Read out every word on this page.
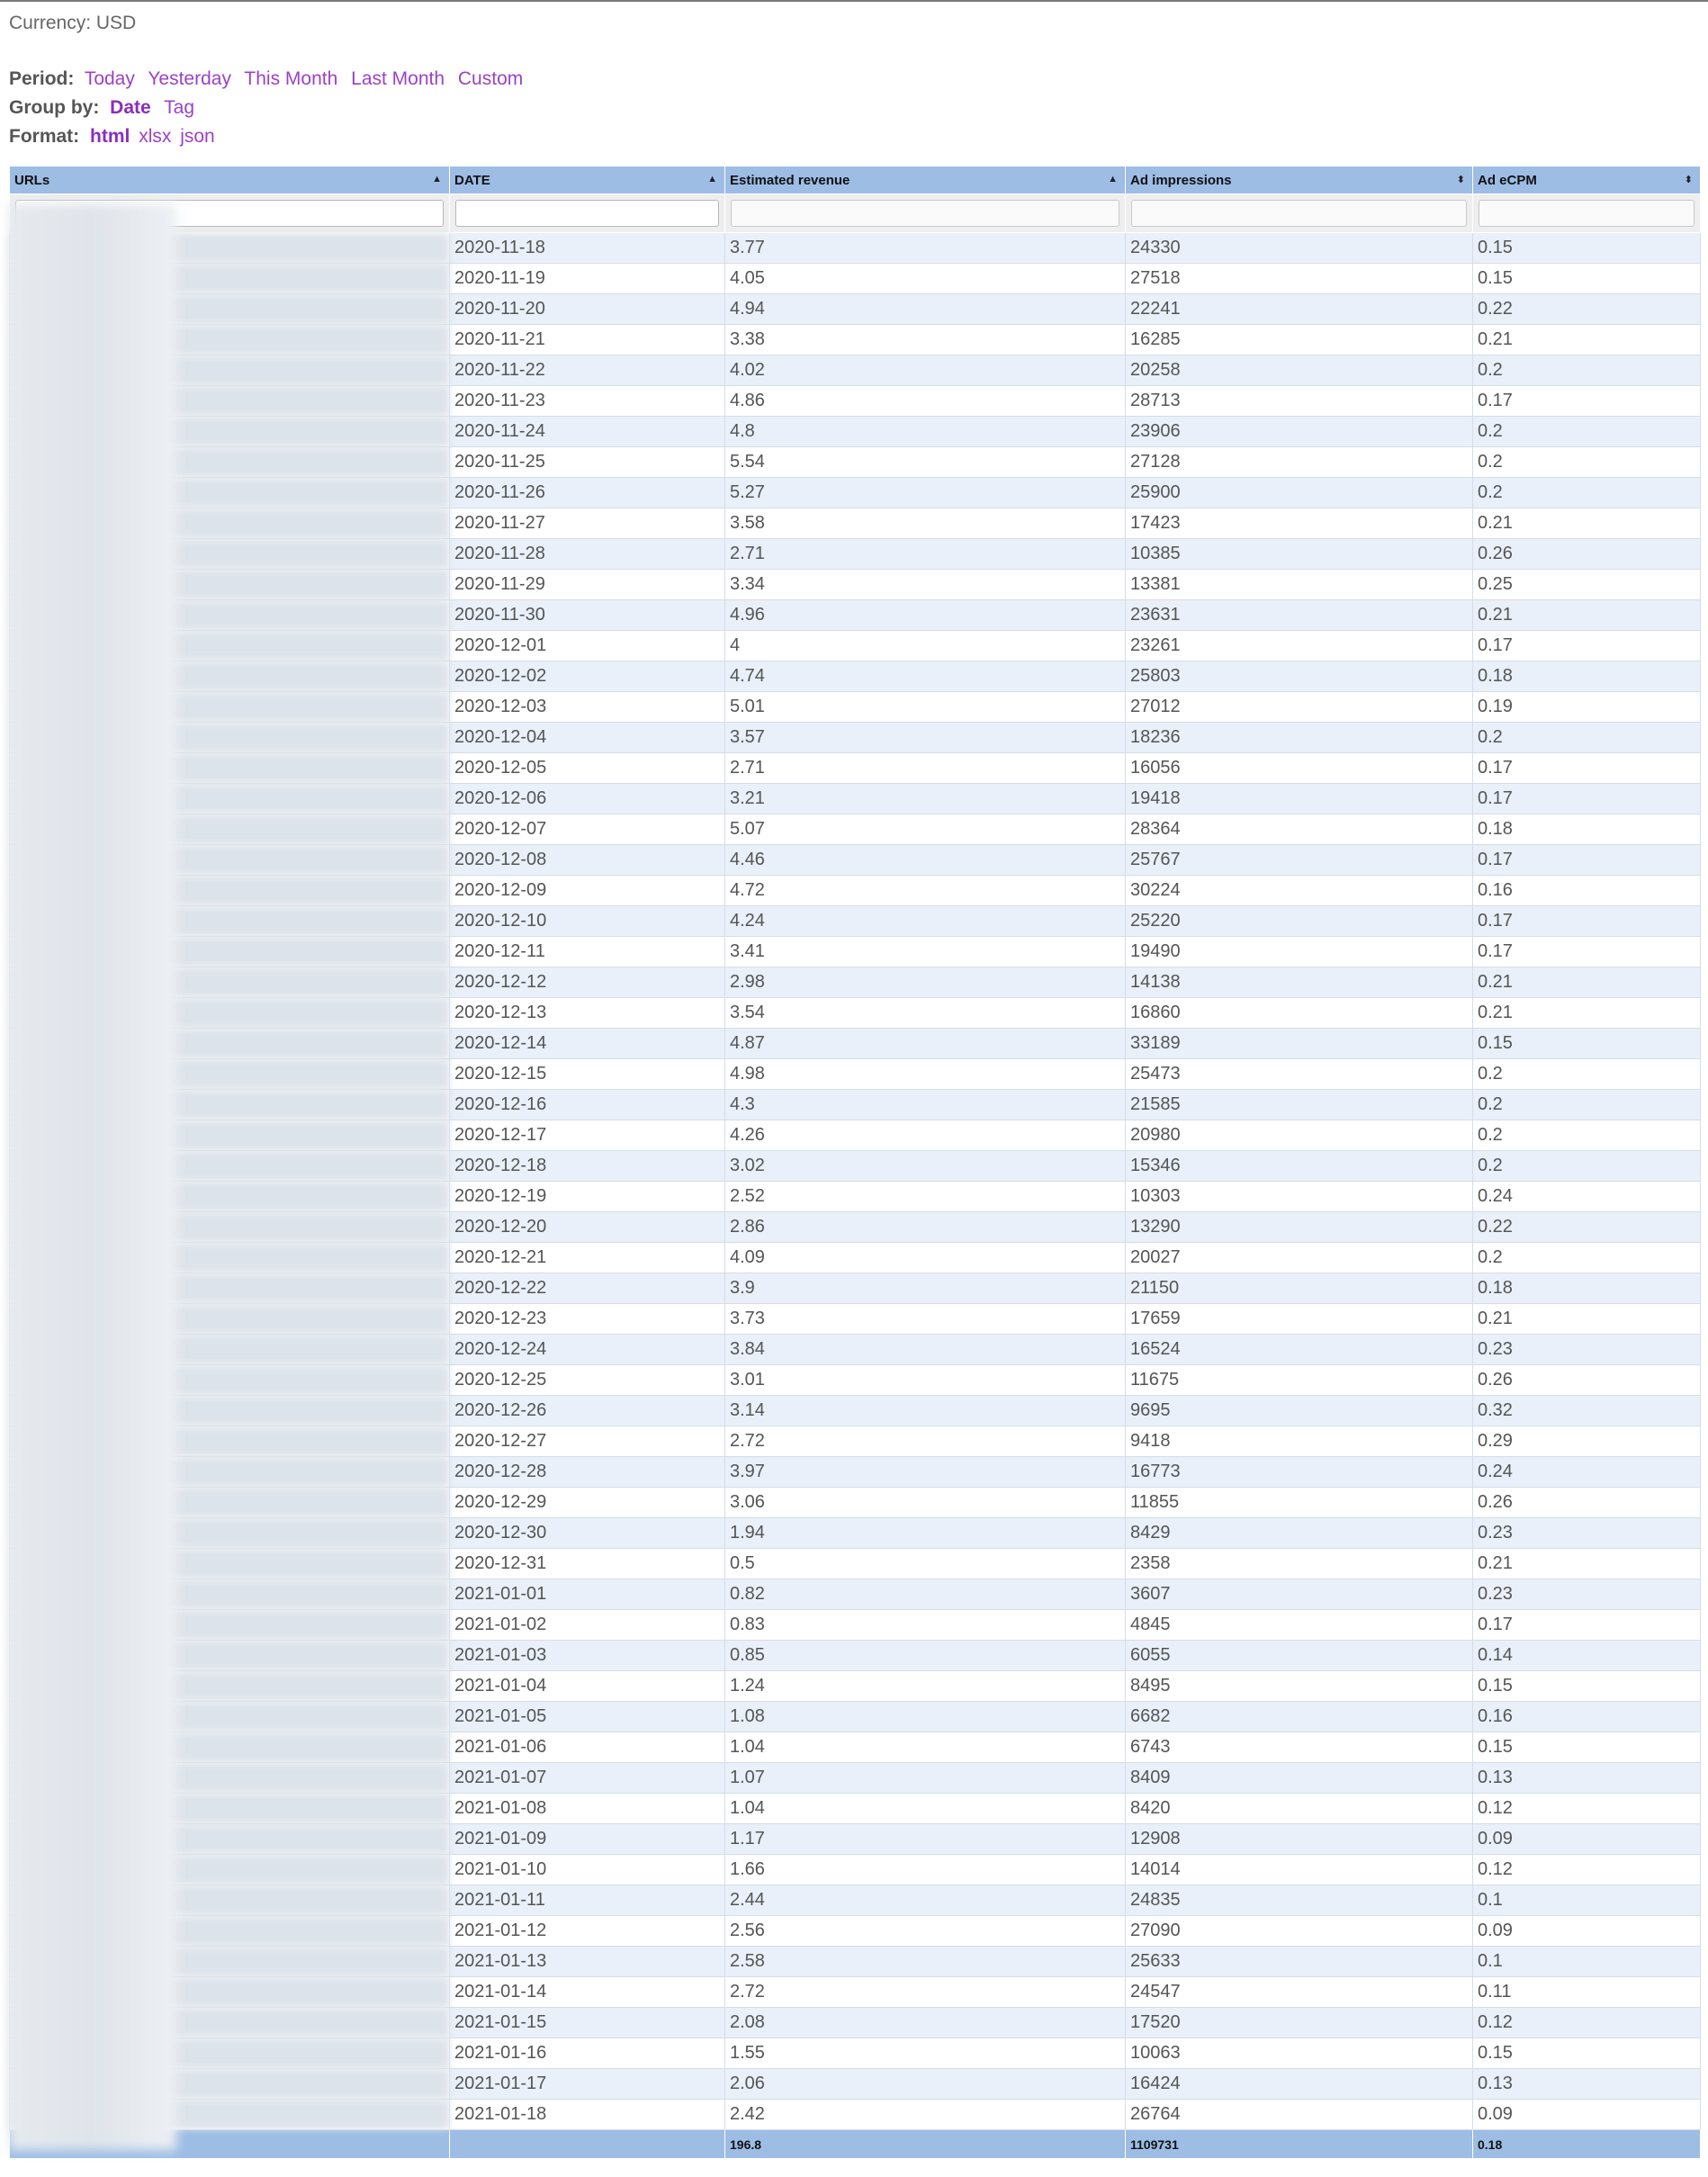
Currency: USD
Period: Today Yesterday This Month Last Month Custom
Group by: Date Tag
Format: html xlsx json
URLs ▲	DATE ▲	Estimated revenue ▲	Ad impressions ⬍	Ad eCPM ⬍

	2020-11-18	3.77	24330	0.15
	2020-11-19	4.05	27518	0.15
	2020-11-20	4.94	22241	0.22
	2020-11-21	3.38	16285	0.21
	2020-11-22	4.02	20258	0.2
	2020-11-23	4.86	28713	0.17
	2020-11-24	4.8	23906	0.2
	2020-11-25	5.54	27128	0.2
	2020-11-26	5.27	25900	0.2
	2020-11-27	3.58	17423	0.21
	2020-11-28	2.71	10385	0.26
	2020-11-29	3.34	13381	0.25
	2020-11-30	4.96	23631	0.21
	2020-12-01	4	23261	0.17
	2020-12-02	4.74	25803	0.18
	2020-12-03	5.01	27012	0.19
	2020-12-04	3.57	18236	0.2
	2020-12-05	2.71	16056	0.17
	2020-12-06	3.21	19418	0.17
	2020-12-07	5.07	28364	0.18
	2020-12-08	4.46	25767	0.17
	2020-12-09	4.72	30224	0.16
	2020-12-10	4.24	25220	0.17
	2020-12-11	3.41	19490	0.17
	2020-12-12	2.98	14138	0.21
	2020-12-13	3.54	16860	0.21
	2020-12-14	4.87	33189	0.15
	2020-12-15	4.98	25473	0.2
	2020-12-16	4.3	21585	0.2
	2020-12-17	4.26	20980	0.2
	2020-12-18	3.02	15346	0.2
	2020-12-19	2.52	10303	0.24
	2020-12-20	2.86	13290	0.22
	2020-12-21	4.09	20027	0.2
	2020-12-22	3.9	21150	0.18
	2020-12-23	3.73	17659	0.21
	2020-12-24	3.84	16524	0.23
	2020-12-25	3.01	11675	0.26
	2020-12-26	3.14	9695	0.32
	2020-12-27	2.72	9418	0.29
	2020-12-28	3.97	16773	0.24
	2020-12-29	3.06	11855	0.26
	2020-12-30	1.94	8429	0.23
	2020-12-31	0.5	2358	0.21
	2021-01-01	0.82	3607	0.23
	2021-01-02	0.83	4845	0.17
	2021-01-03	0.85	6055	0.14
	2021-01-04	1.24	8495	0.15
	2021-01-05	1.08	6682	0.16
	2021-01-06	1.04	6743	0.15
	2021-01-07	1.07	8409	0.13
	2021-01-08	1.04	8420	0.12
	2021-01-09	1.17	12908	0.09
	2021-01-10	1.66	14014	0.12
	2021-01-11	2.44	24835	0.1
	2021-01-12	2.56	27090	0.09
	2021-01-13	2.58	25633	0.1
	2021-01-14	2.72	24547	0.11
	2021-01-15	2.08	17520	0.12
	2021-01-16	1.55	10063	0.15
	2021-01-17	2.06	16424	0.13
	2021-01-18	2.42	26764	0.09
		196.8	1109731	0.18
